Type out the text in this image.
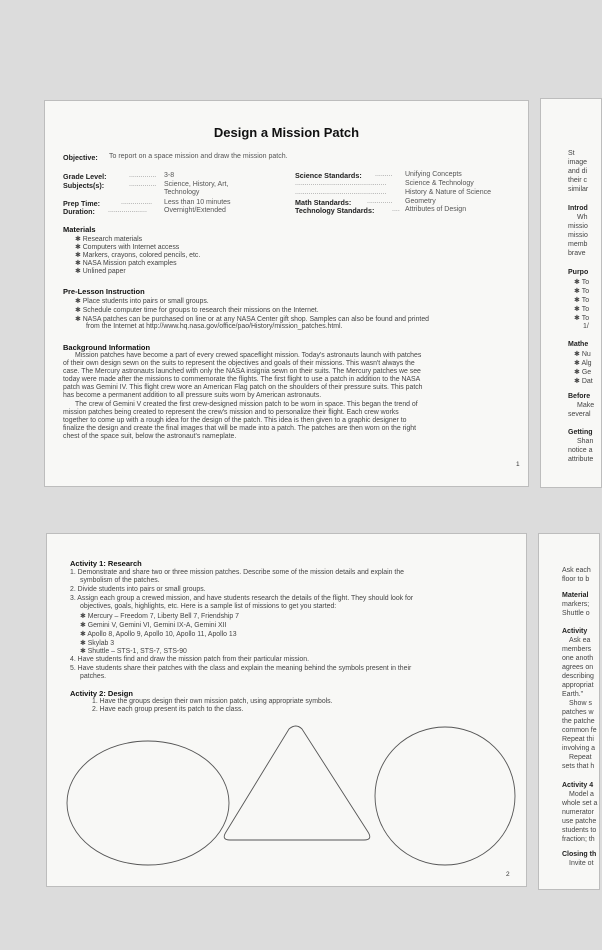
Design a Mission Patch
Objective: To report on a space mission and draw the mission patch.
Grade Level:	.............. 3-8
Subjects(s):	.............. Science, History, Art,
Technology
Prep Time:	................ Less than 10 minutes
Duration: .................... Overnight/Extended
Science Standards: ......... Unifying Concepts
...............................................	Science & Technology
...............................................	History & Nature of Science
Math Standards: ............. Geometry
Technology Standards:	.... Attributes of Design
Materials
✱ Research materials
✱ Computers with Internet access
✱ Markers, crayons, colored pencils, etc.
✱ NASA Mission patch examples
✱ Unlined paper
Pre-Lesson Instruction
✱ Place students into pairs or small groups.
✱ Schedule computer time for groups to research their missions on the Internet.
✱ NASA patches can be purchased on line or at any NASA Center gift shop. Samples can also be found and printed
from the Internet at http://www.hq.nasa.gov/office/pao/History/mission_patches.html.
Background Information
Mission patches have become a part of every crewed spaceflight mission. Today's astronauts launch with patches
of their own design sewn on the suits to represent the objectives and goals of their missions. This wasn't always the
case. The Mercury astronauts launched with only the NASA insignia sewn on their suits. The Mercury patches we see
today were made after the missions to commemorate the flights. The first flight to use a patch in addition to the NASA
patch was Gemini IV. This flight crew wore an American Flag patch on the shoulders of their pressure suits. This patch
has become a permanent addition to all pressure suits worn by American astronauts.
The crew of Gemini V created the first crew-designed mission patch to be worn in space. This began the trend of
mission patches being created to represent the crew's mission and to personalize their flight. Each crew works
together to come up with a rough idea for the design of the patch. This idea is then given to a graphic designer to
finalize the design and create the final images that will be made into a patch. The patches are then worn on the right
chest of the space suit, below the astronaut's nameplate.
1
Activity 1: Research
1. Demonstrate and share two or three mission patches. Describe some of the mission details and explain the
symbolism of the patches.
2. Divide students into pairs or small groups.
3. Assign each group a crewed mission, and have students research the details of the flight. They should look for
objectives, goals, highlights, etc. Here is a sample list of missions to get you started:
✱ Mercury – Freedom 7, Liberty Bell 7, Friendship 7
✱ Gemini V, Gemini VI, Gemini IX-A, Gemini XII
✱ Apollo 8, Apollo 9, Apollo 10, Apollo 11, Apollo 13
✱ Skylab 3
✱ Shuttle – STS-1, STS-7, STS-90
4. Have students find and draw the mission patch from their particular mission.
5. Have students share their patches with the class and explain the meaning behind the symbols present in their
patches.
Activity 2: Design
1. Have the groups design their own mission patch, using appropriate symbols.
2. Have each group present its patch to the class.
2
St
image
and di
their c
similar
Introd
Wh
missio
missio
memb
brave
Purpo
✱ To
✱ To
✱ To
✱ To
✱ To
1/
Mathe
✱ Nu
✱ Alg
✱ Ge
✱ Dat
Before
Make
several
Getting
Shan
notice a
attribute
Ask each
floor to b
Material
markers;
Shuttle o
Activity
Ask ea
members
one anoth
agrees on
describing
appropriat
Earth."
Show s
patches w
the patche
common fe
Repeat thi
involving a
Repeat
sets that h
Activity 4
Model a
whole set a
numerator
use patche
students to
fraction; th
Closing th
Invite ot
